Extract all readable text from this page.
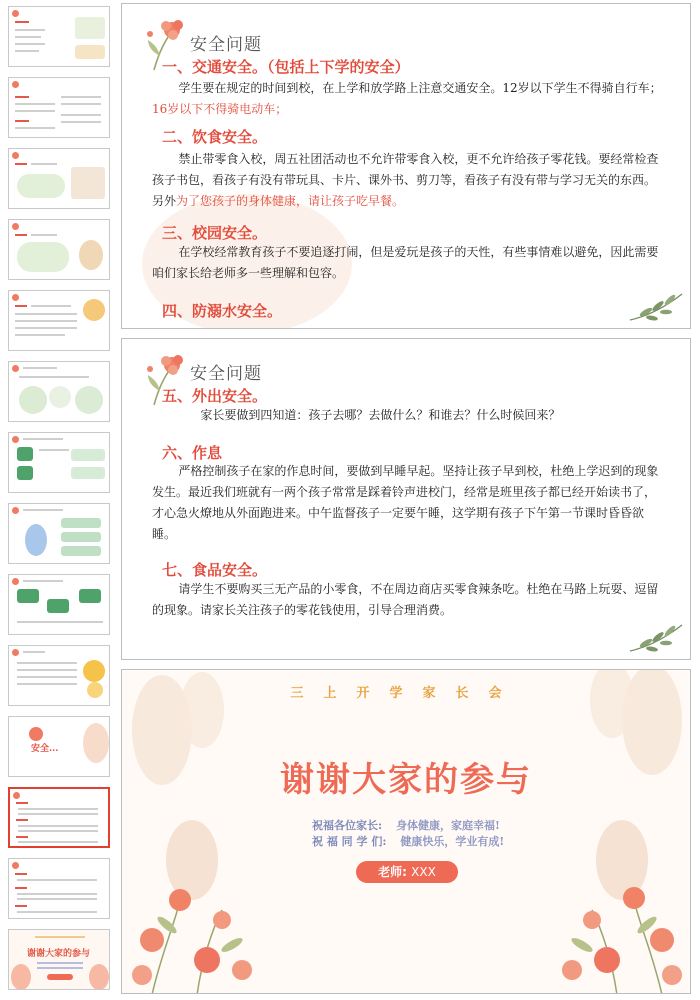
安全...
谢谢大家的参与
安全问题
一、交通安全。（包括上下学的安全）

学生要在规定的时间到校，在上学和放学路上注意交通安全。12岁以下学生不得骑自行车；16岁以下不得骑电动车；

二、饮食安全。

禁止带零食入校，周五社团活动也不允许带零食入校，更不允许给孩子零花钱。要经常检查孩子书包，看孩子有没有带玩具、卡片、课外书、剪刀等，看孩子有没有带与学习无关的东西。另外为了您孩子的身体健康，请让孩子吃早餐。

三、校园安全。

在学校经常教育孩子不要追逐打闹，但是爱玩是孩子的天性，有些事情难以避免，因此需要咱们家长给老师多一些理解和包容。

四、防溺水安全。
安全问题
五、外出安全。

家长要做到四知道：孩子去哪？去做什么？和谁去？什么时候回来？

六、作息

严格控制孩子在家的作息时间，要做到早睡早起。坚持让孩子早到校，杜绝上学迟到的现象发生。最近我们班就有一两个孩子常常是踩着铃声进校门，经常是班里孩子都已经开始读书了，才心急火燎地从外面跑进来。中午监督孩子一定要午睡，这学期有孩子下午第一节课时昏昏欲睡。

七、食品安全。

请学生不要购买三无产品的小零食，不在周边商店买零食辣条吃。杜绝在马路上玩耍、逗留的现象。请家长关注孩子的零花钱使用，引导合理消费。

三上开学家长会
谢谢大家的参与
祝福各位家长: 身体健康，家庭幸福!
祝 福 同 学 们: 健康快乐，学业有成!
老师: XXX
